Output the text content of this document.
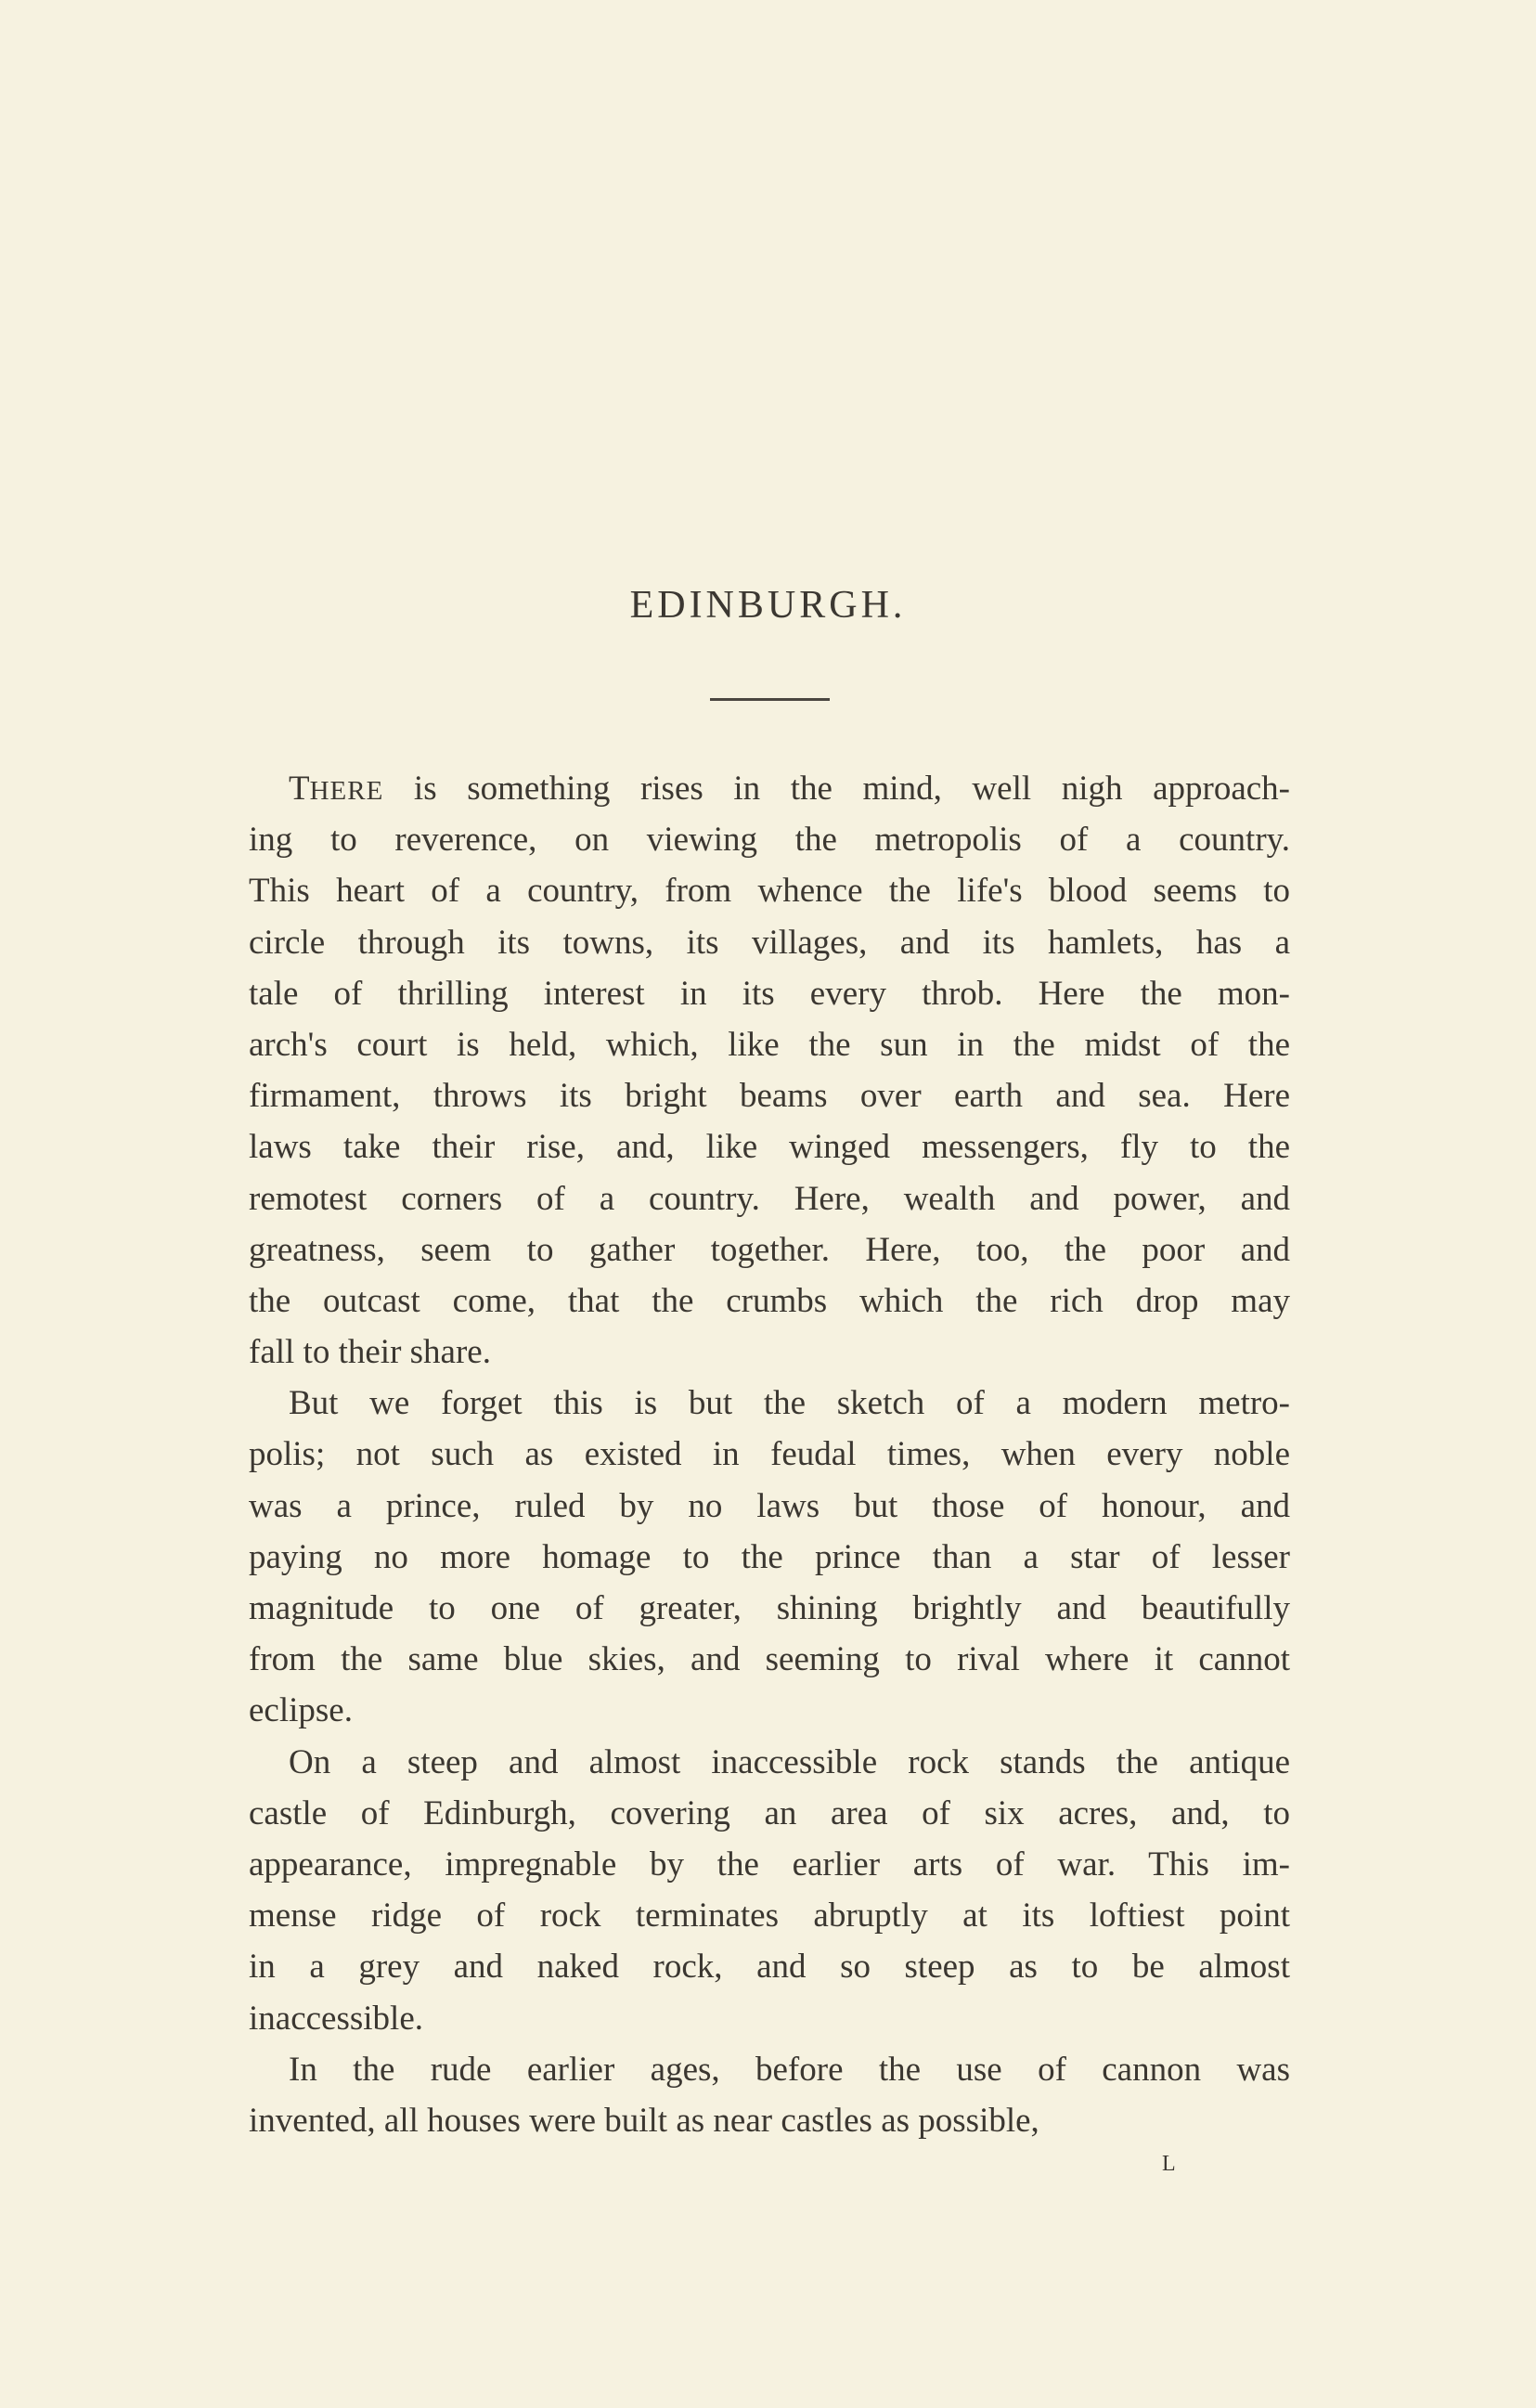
EDINBURGH.
THERE is something rises in the mind, well nigh approach-
ing to reverence, on viewing the metropolis of a country.
This heart of a country, from whence the life's blood seems to
circle through its towns, its villages, and its hamlets, has a
tale of thrilling interest in its every throb. Here the mon-
arch's court is held, which, like the sun in the midst of the
firmament, throws its bright beams over earth and sea. Here
laws take their rise, and, like winged messengers, fly to the
remotest corners of a country. Here, wealth and power, and
greatness, seem to gather together. Here, too, the poor and
the outcast come, that the crumbs which the rich drop may
fall to their share.
But we forget this is but the sketch of a modern metro-
polis; not such as existed in feudal times, when every noble
was a prince, ruled by no laws but those of honour, and
paying no more homage to the prince than a star of lesser
magnitude to one of greater, shining brightly and beautifully
from the same blue skies, and seeming to rival where it cannot
eclipse.
On a steep and almost inaccessible rock stands the antique
castle of Edinburgh, covering an area of six acres, and, to
appearance, impregnable by the earlier arts of war. This im-
mense ridge of rock terminates abruptly at its loftiest point
in a grey and naked rock, and so steep as to be almost
inaccessible.
In the rude earlier ages, before the use of cannon was
invented, all houses were built as near castles as possible,
L
